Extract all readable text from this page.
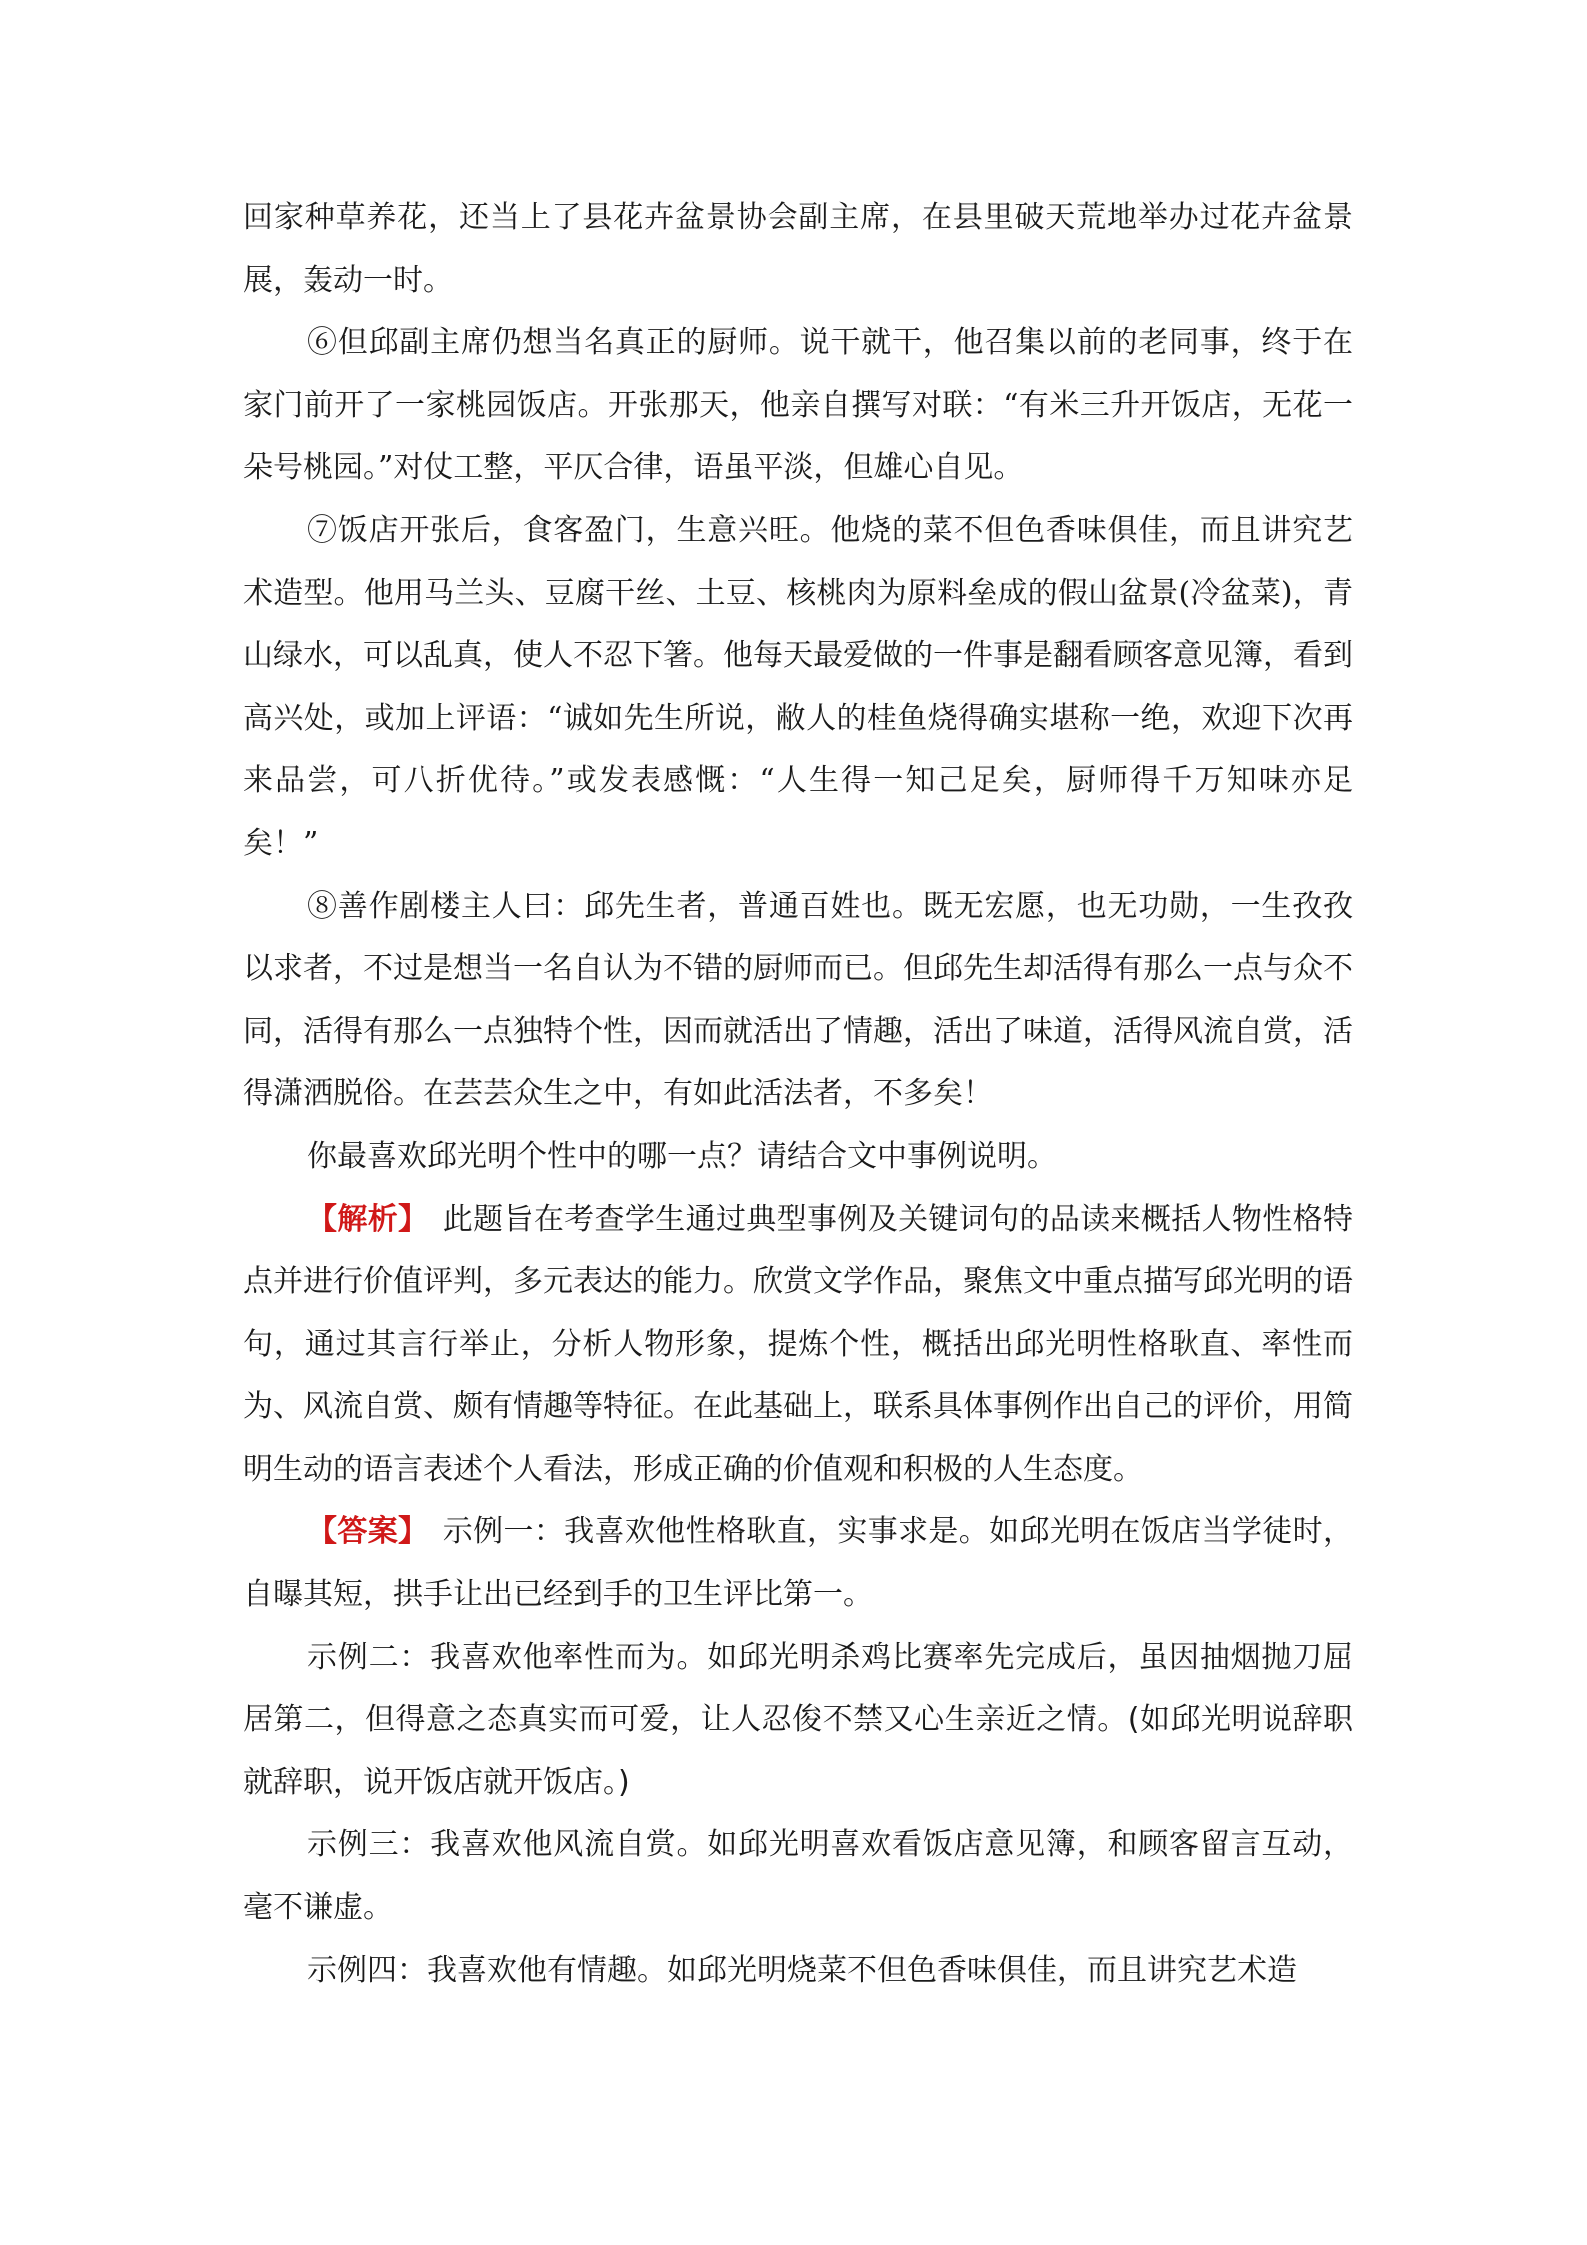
回家种草养花，还当上了县花卉盆景协会副主席，在县里破天荒地举办过花卉盆景展，轰动一时。

⑥但邱副主席仍想当名真正的厨师。说干就干，他召集以前的老同事，终于在家门前开了一家桃园饭店。开张那天，他亲自撰写对联：“有米三升开饭店，无花一朵号桃园。”对仗工整，平仄合律，语虽平淡，但雄心自见。

⑦饭店开张后，食客盈门，生意兴旺。他烧的菜不但色香味俱佳，而且讲究艺术造型。他用马兰头、豆腐干丝、土豆、核桃肉为原料垒成的假山盆景(冷盆菜)，青山绿水，可以乱真，使人不忍下箸。他每天最爱做的一件事是翻看顾客意见簿，看到高兴处，或加上评语：“诚如先生所说，敝人的桂鱼烧得确实堪称一绝，欢迎下次再来品尝，可八折优待。”或发表感慨：“人生得一知己足矣，厨师得千万知味亦足矣！”

⑧善作剧楼主人曰：邱先生者，普通百姓也。既无宏愿，也无功勋，一生孜孜以求者，不过是想当一名自认为不错的厨师而已。但邱先生却活得有那么一点与众不同，活得有那么一点独特个性，因而就活出了情趣，活出了味道，活得风流自赏，活得潇洒脱俗。在芸芸众生之中，有如此活法者，不多矣！

你最喜欢邱光明个性中的哪一点？请结合文中事例说明。

【解析】 此题旨在考查学生通过典型事例及关键词句的品读来概括人物性格特点并进行价值评判，多元表达的能力。欣赏文学作品，聚焦文中重点描写邱光明的语句，通过其言行举止，分析人物形象，提炼个性，概括出邱光明性格耿直、率性而为、风流自赏、颇有情趣等特征。在此基础上，联系具体事例作出自己的评价，用简明生动的语言表述个人看法，形成正确的价值观和积极的人生态度。

【答案】 示例一：我喜欢他性格耿直，实事求是。如邱光明在饭店当学徒时，自曝其短，拱手让出已经到手的卫生评比第一。

示例二：我喜欢他率性而为。如邱光明杀鸡比赛率先完成后，虽因抽烟抛刀屈居第二，但得意之态真实而可爱，让人忍俊不禁又心生亲近之情。(如邱光明说辞职就辞职，说开饭店就开饭店。)

示例三：我喜欢他风流自赏。如邱光明喜欢看饭店意见簿，和顾客留言互动，毫不谦虚。

示例四：我喜欢他有情趣。如邱光明烧菜不但色香味俱佳，而且讲究艺术造
